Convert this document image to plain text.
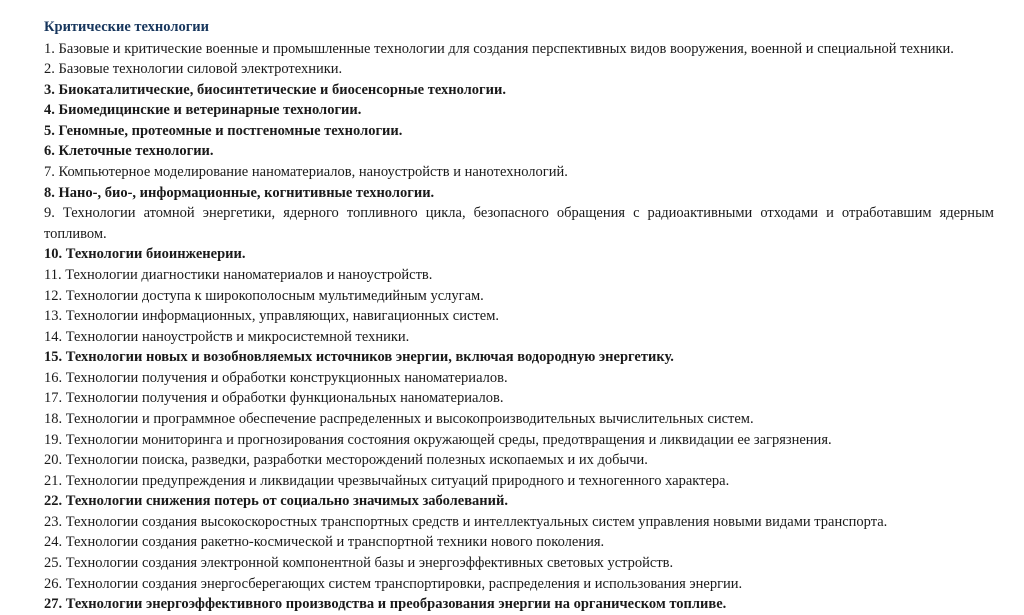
Критические технологии
1. Базовые и критические военные и промышленные технологии для создания перспективных видов вооружения, военной и специальной техники.
2. Базовые технологии силовой электротехники.
3. Биокаталитические, биосинтетические и биосенсорные технологии.
4. Биомедицинские и ветеринарные технологии.
5. Геномные, протеомные и постгеномные технологии.
6. Клеточные технологии.
7. Компьютерное моделирование наноматериалов, наноустройств и нанотехнологий.
8. Нано-, био-, информационные, когнитивные технологии.
9. Технологии атомной энергетики, ядерного топливного цикла, безопасного обращения с радиоактивными отходами и отработавшим ядерным топливом.
10. Технологии биоинженерии.
11. Технологии диагностики наноматериалов и наноустройств.
12. Технологии доступа к широкополосным мультимедийным услугам.
13. Технологии информационных, управляющих, навигационных систем.
14. Технологии наноустройств и микросистемной техники.
15. Технологии новых и возобновляемых источников энергии, включая водородную энергетику.
16. Технологии получения и обработки конструкционных наноматериалов.
17. Технологии получения и обработки функциональных наноматериалов.
18. Технологии и программное обеспечение распределенных и высокопроизводительных вычислительных систем.
19. Технологии мониторинга и прогнозирования состояния окружающей среды, предотвращения и ликвидации ее загрязнения.
20. Технологии поиска, разведки, разработки месторождений полезных ископаемых и их добычи.
21. Технологии предупреждения и ликвидации чрезвычайных ситуаций природного и техногенного характера.
22. Технологии снижения потерь от социально значимых заболеваний.
23. Технологии создания высокоскоростных транспортных средств и интеллектуальных систем управления новыми видами транспорта.
24. Технологии создания ракетно-космической и транспортной техники нового поколения.
25. Технологии создания электронной компонентной базы и энергоэффективных световых устройств.
26. Технологии создания энергосберегающих систем транспортировки, распределения и использования энергии.
27. Технологии энергоэффективного производства и преобразования энергии на органическом топливе.
